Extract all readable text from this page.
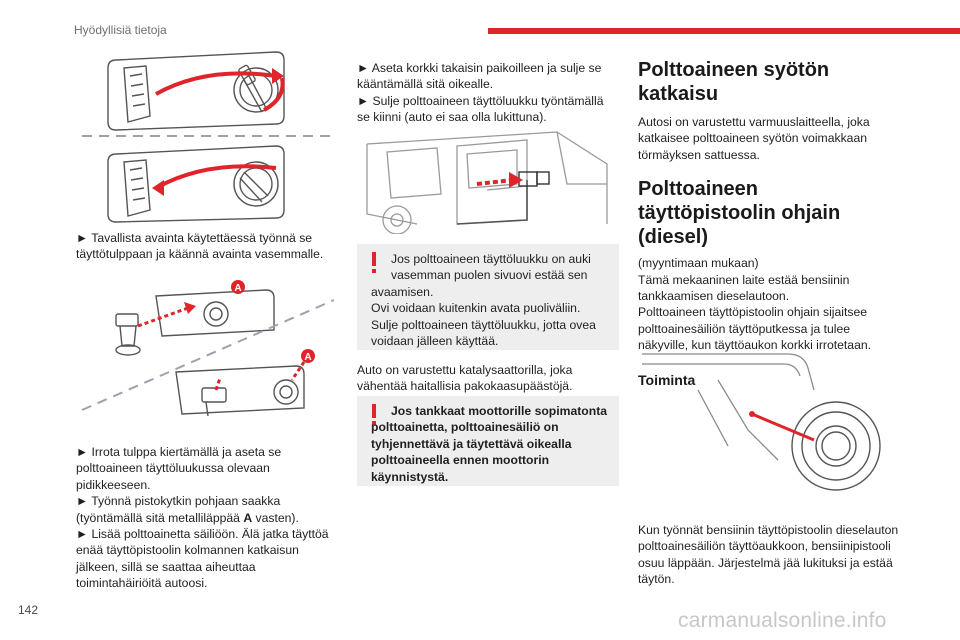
Hyödyllisiä tietoja

► Tavallista avainta käytettäessä työnnä se täyttötulppaan ja käännä avainta vasemmalle.

A
A
► Irrota tulppa kiertämällä ja aseta se polttoaineen täyttöluukussa olevaan pidikkeeseen.
► Työnnä pistokytkin pohjaan saakka (työntämällä sitä metalliläppää A vasten).
► Lisää polttoainetta säiliöön. Älä jatka täyttöä enää täyttöpistoolin kolmannen katkaisun jälkeen, sillä se saattaa aiheuttaa toimintahäiriöitä autoosi.

► Aseta korkki takaisin paikoilleen ja sulje se kääntämällä sitä oikealle.

► Sulje polttoaineen täyttöluukku työntämällä se kiinni (auto ei saa olla lukittuna).

Jos polttoaineen täyttöluukku on auki vasemman puolen sivuovi estää sen
avaamisen.
Ovi voidaan kuitenkin avata puoliväliin.
Sulje polttoaineen täyttöluukku, jotta ovea voidaan jälleen käyttää.

Auto on varustettu katalysaattorilla, joka vähentää haitallisia pakokaasupäästöjä.

Jos tankkaat moottorille sopimatonta polttoainetta, polttoainesäiliö on tyhjennettävä ja täytettävä oikealla polttoaineella ennen moottorin käynnistystä.

Polttoaineen syötön katkaisu

Autosi on varustettu varmuuslaitteella, joka katkaisee polttoaineen syötön voimakkaan törmäyksen sattuessa.

Polttoaineen täyttöpistoolin ohjain (diesel)

(myyntimaan mukaan)
Tämä mekaaninen laite estää bensiinin tankkaamisen dieselautoon.
Polttoaineen täyttöpistoolin ohjain sijaitsee polttoainesäiliön täyttöputkessa ja tulee näkyville, kun täyttöaukon korkki irrotetaan.

Toiminta

Kun työnnät bensiinin täyttöpistoolin dieselauton polttoainesäiliön täyttöaukkoon, bensiinipistooli osuu läppään. Järjestelmä jää lukituksi ja estää täytön.

142	carmanualsonline.info
